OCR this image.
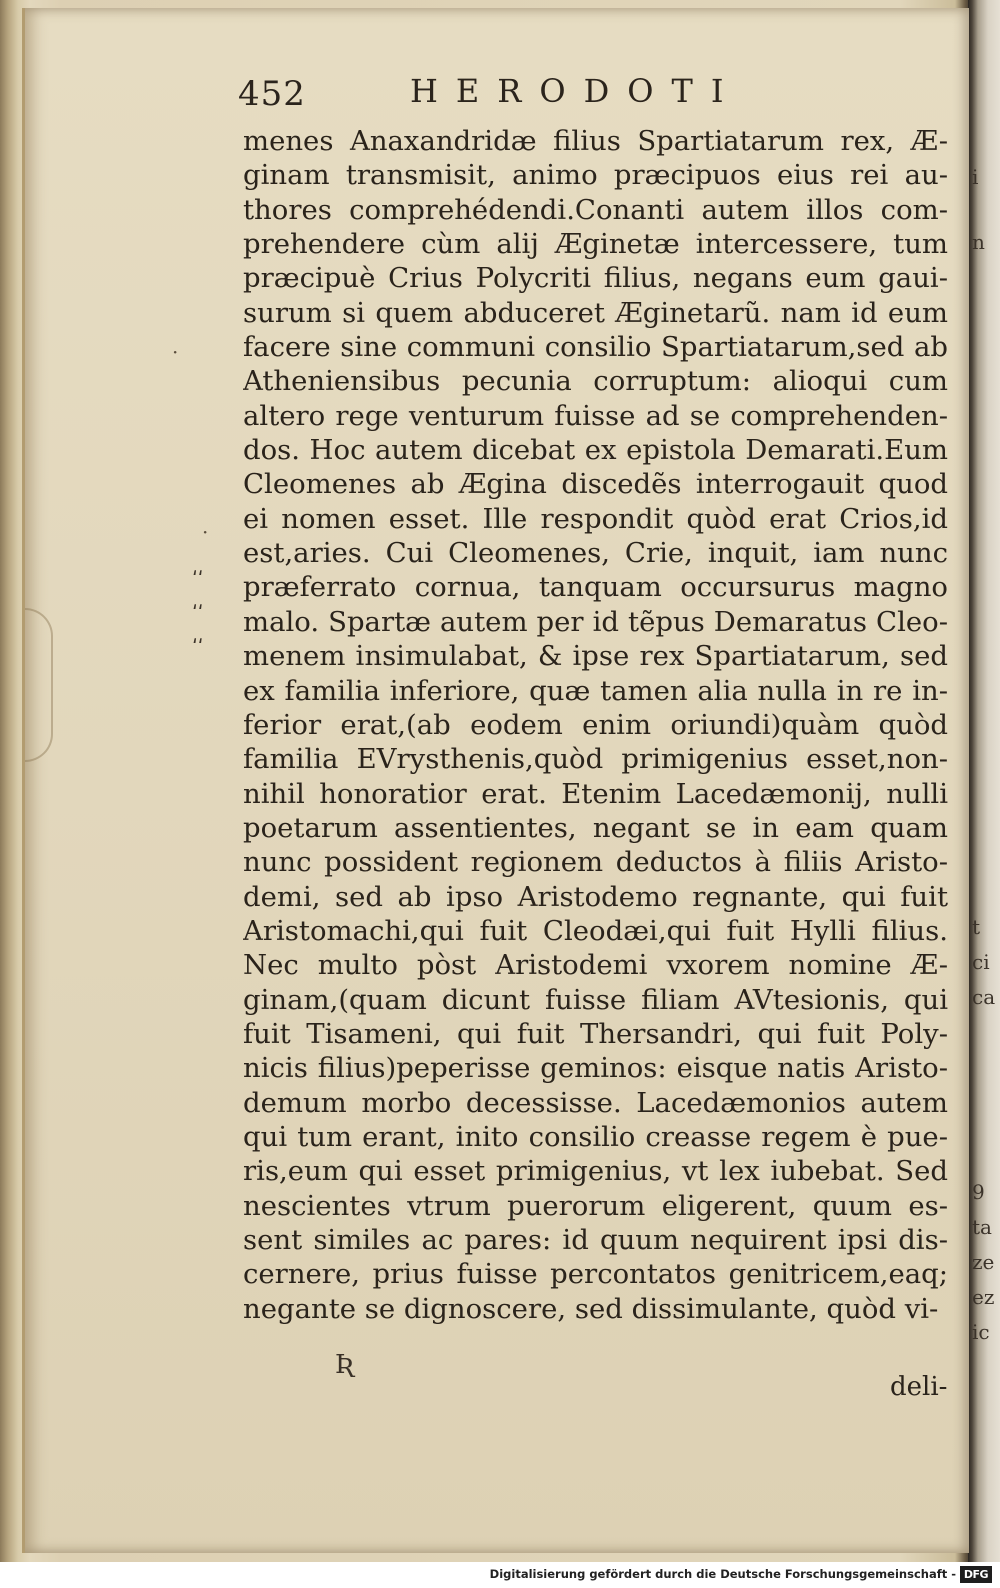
452	HERODOTI
menes Anaxandridæ filius Spartiatarum rex, Æ-
ginam transmisit, animo præcipuos eius rei au-
thores comprehédendi.Conanti autem illos com-
prehendere cùm alij Æginetæ intercessere, tum
præcipuè Crius Polycriti filius, negans eum gaui-
surum si quem abduceret Æginetarũ. nam id eum
facere sine communi consilio Spartiatarum,sed ab
Atheniensibus pecunia corruptum: alioqui cum
altero rege venturum fuisse ad se comprehenden-
dos. Hoc autem dicebat ex epistola Demarati.Eum
Cleomenes ab Ægina discedẽs interrogauit quod
ei nomen esset. Ille respondit quòd erat Crios,id
est,aries. Cui Cleomenes, Crie, inquit, iam nunc
præferrato cornua, tanquam occursurus magno
malo. Spartæ autem per id tẽpus Demaratus Cleo-
menem insimulabat, & ipse rex Spartiatarum, sed
ex familia inferiore, quæ tamen alia nulla in re in-
ferior erat,(ab eodem enim oriundi)quàm quòd
familia EVrysthenis,quòd primigenius esset,non-
nihil honoratior erat. Etenim Lacedæmonij, nulli
poetarum assentientes, negant se in eam quam
nunc possident regionem deductos à filiis Aristo-
demi, sed ab ipso Aristodemo regnante, qui fuit
Aristomachi,qui fuit Cleodæi,qui fuit Hylli filius.
Nec multo pòst Aristodemi vxorem nomine Æ-
ginam,(quam dicunt fuisse filiam AVtesionis, qui
fuit Tisameni, qui fuit Thersandri, qui fuit Poly-
nicis filius)peperisse geminos: eisque natis Aristo-
demum morbo decessisse. Lacedæmonios autem
qui tum erant, inito consilio creasse regem è pue-
ris,eum qui esset primigenius, vt lex iubebat. Sed
nescientes vtrum puerorum eligerent, quum es-
sent similes ac pares: id quum nequirent ipsi dis-
cernere, prius fuisse percontatos genitricem,eaq;
negante se dignoscere, sed dissimulante, quòd vi-
͵͵
͵͵
͵͵
·
·
i
n
t
ci
ca
9
ta
ze
ez
ic
Ʀ
deli-
Digitalisierung gefördert durch die Deutsche Forschungsgemeinschaft - DFG
